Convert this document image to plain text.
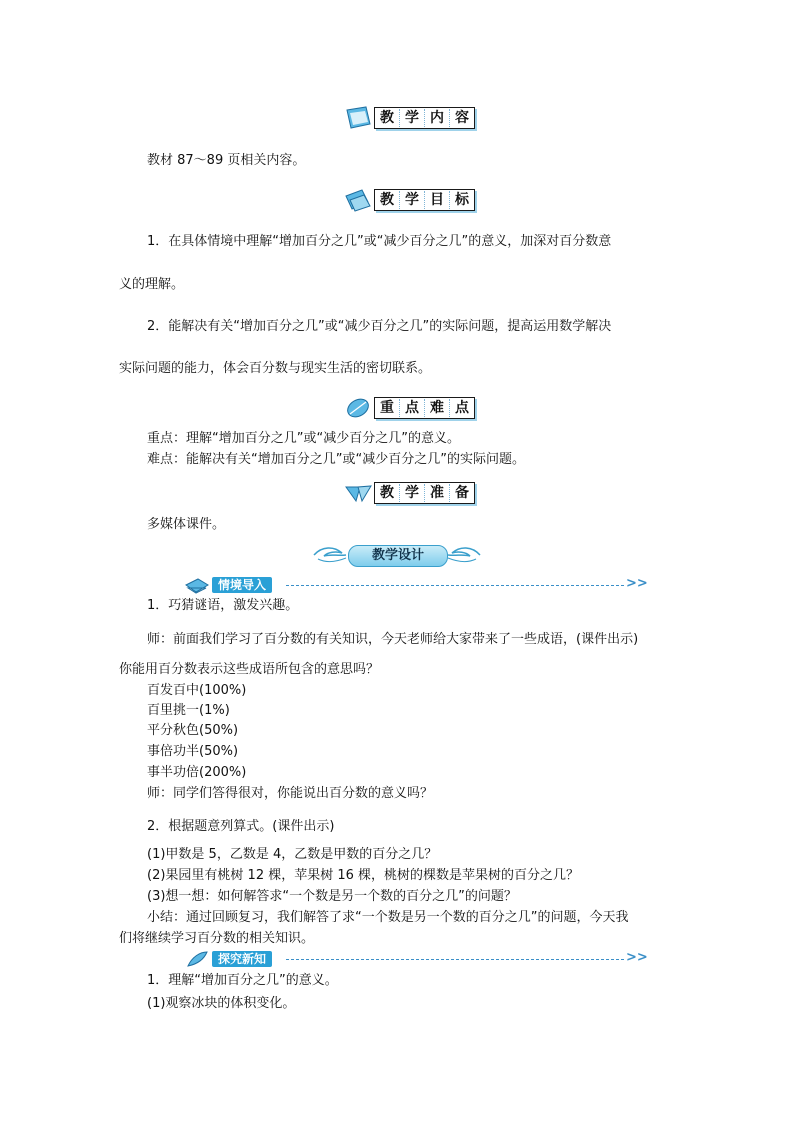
教 学 内 容
教材 87～89 页相关内容。
教 学 目 标
1．在具体情境中理解“增加百分之几”或“减少百分之几”的意义，加深对百分数意
义的理解。
2．能解决有关“增加百分之几”或“减少百分之几”的实际问题，提高运用数学解决
实际问题的能力，体会百分数与现实生活的密切联系。
重 点 难 点
重点：理解“增加百分之几”或“减少百分之几”的意义。
难点：能解决有关“增加百分之几”或“减少百分之几”的实际问题。
教 学 准 备
多媒体课件。
教学设计
情境导入	>>
1．巧猜谜语，激发兴趣。
师：前面我们学习了百分数的有关知识，今天老师给大家带来了一些成语，(课件出示)
你能用百分数表示这些成语所包含的意思吗？
百发百中(100%)
百里挑一(1%)
平分秋色(50%)
事倍功半(50%)
事半功倍(200%)
师：同学们答得很对，你能说出百分数的意义吗？
2．根据题意列算式。(课件出示)
(1)甲数是 5，乙数是 4，乙数是甲数的百分之几？
(2)果园里有桃树 12 棵，苹果树 16 棵，桃树的棵数是苹果树的百分之几？
(3)想一想：如何解答求“一个数是另一个数的百分之几”的问题？
小结：通过回顾复习，我们解答了求“一个数是另一个数的百分之几”的问题，今天我
们将继续学习百分数的相关知识。
探究新知	>>
1．理解“增加百分之几”的意义。
(1)观察冰块的体积变化。
